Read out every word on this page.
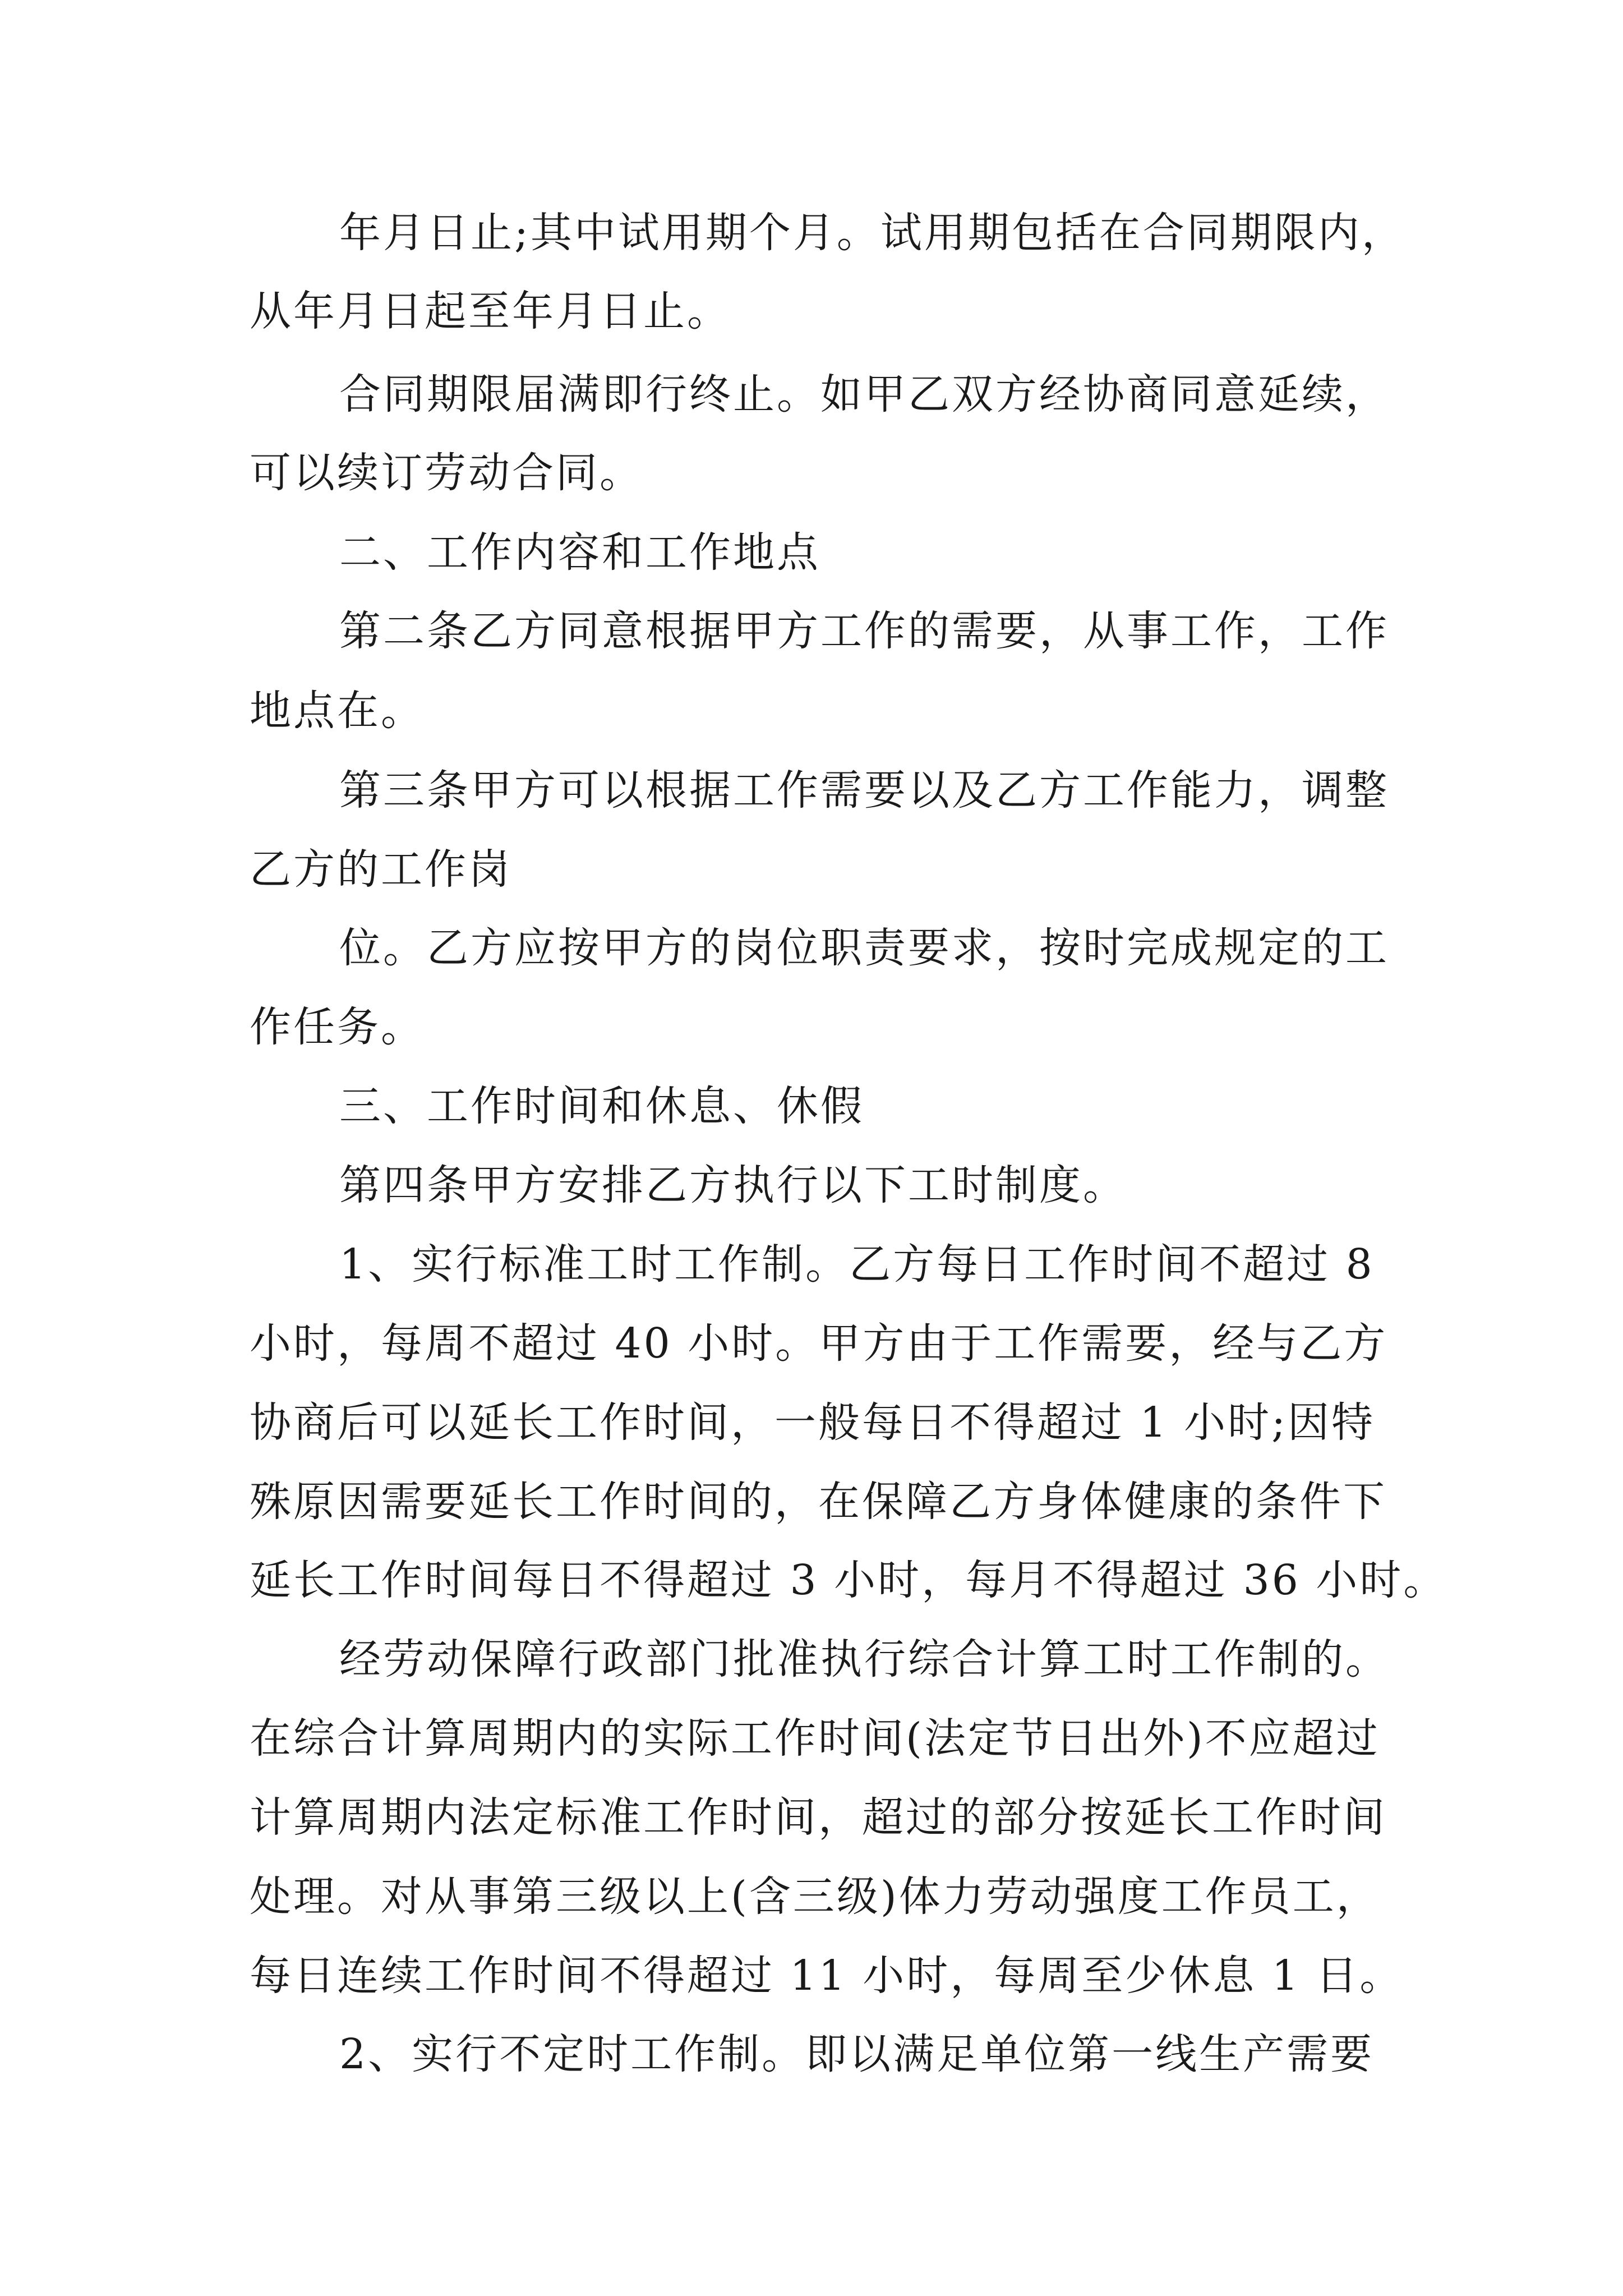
年月日止;其中试用期个月。试用期包括在合同期限内，
从年月日起至年月日止。
合同期限届满即行终止。如甲乙双方经协商同意延续，
可以续订劳动合同。
二、工作内容和工作地点
第二条乙方同意根据甲方工作的需要，从事工作，工作
地点在。
第三条甲方可以根据工作需要以及乙方工作能力，调整
乙方的工作岗
位。乙方应按甲方的岗位职责要求，按时完成规定的工
作任务。
三、工作时间和休息、休假
第四条甲方安排乙方执行以下工时制度。
1、实行标准工时工作制。乙方每日工作时间不超过 8
小时，每周不超过 40 小时。甲方由于工作需要，经与乙方
协商后可以延长工作时间，一般每日不得超过 1 小时;因特
殊原因需要延长工作时间的，在保障乙方身体健康的条件下
延长工作时间每日不得超过 3 小时，每月不得超过 36 小时。
经劳动保障行政部门批准执行综合计算工时工作制的。
在综合计算周期内的实际工作时间(法定节日出外)不应超过
计算周期内法定标准工作时间，超过的部分按延长工作时间
处理。对从事第三级以上(含三级)体力劳动强度工作员工，
每日连续工作时间不得超过 11 小时，每周至少休息 1 日。
2、实行不定时工作制。即以满足单位第一线生产需要
